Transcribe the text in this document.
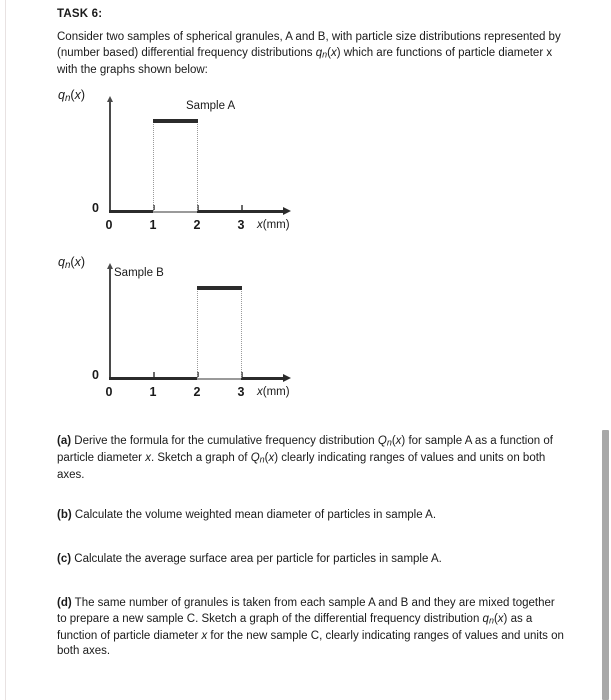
TASK 6:
Consider two samples of spherical granules, A and B, with particle size distributions represented by (number based) differential frequency distributions qn(x) which are functions of particle diameter x with the graphs shown below:
qn(x)
Sample A
0
0	1	2	3	x(mm)
qn(x)
Sample B
0
0	1	2	3	x(mm)
(a) Derive the formula for the cumulative frequency distribution Qn(x) for sample A as a function of particle diameter x. Sketch a graph of Qn(x) clearly indicating ranges of values and units on both axes.
(b) Calculate the volume weighted mean diameter of particles in sample A.
(c) Calculate the average surface area per particle for particles in sample A.
(d) The same number of granules is taken from each sample A and B and they are mixed together to prepare a new sample C. Sketch a graph of the differential frequency distribution qn(x) as a function of particle diameter x for the new sample C, clearly indicating ranges of values and units on both axes.
